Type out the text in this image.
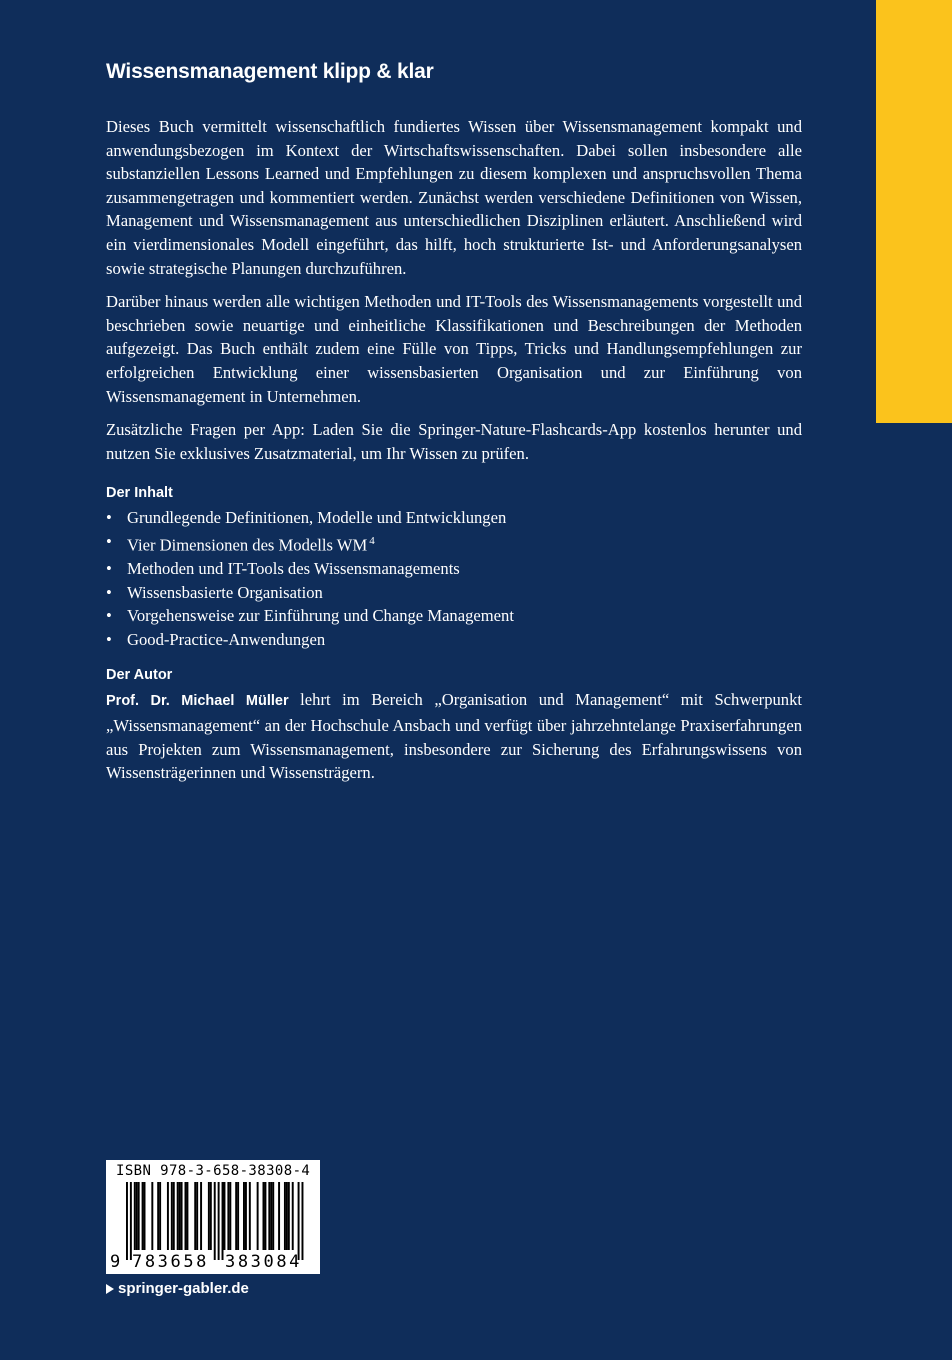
Wissensmanagement klipp & klar

Dieses Buch vermittelt wissenschaftlich fundiertes Wissen über Wissensmanagement kompakt und anwendungsbezogen im Kontext der Wirtschaftswissenschaften. Dabei sollen insbesondere alle substanziellen Lessons Learned und Empfehlungen zu diesem komplexen und anspruchsvollen Thema zusammengetragen und kommentiert werden. Zunächst werden verschiedene Definitionen von Wissen, Management und Wissensmanagement aus unterschiedlichen Disziplinen erläutert. Anschließend wird ein vierdimensionales Modell eingeführt, das hilft, hoch strukturierte Ist- und Anforderungsanalysen sowie strategische Planungen durchzuführen.

Darüber hinaus werden alle wichtigen Methoden und IT-Tools des Wissensmanagements vorgestellt und beschrieben sowie neuartige und einheitliche Klassifikationen und Beschreibungen der Methoden aufgezeigt. Das Buch enthält zudem eine Fülle von Tipps, Tricks und Handlungsempfehlungen zur erfolgreichen Entwicklung einer wissensbasierten Organisation und zur Einführung von Wissensmanagement in Unternehmen.

Zusätzliche Fragen per App: Laden Sie die Springer-Nature-Flashcards-App kostenlos herunter und nutzen Sie exklusives Zusatzmaterial, um Ihr Wissen zu prüfen.

Der Inhalt
• Grundlegende Definitionen, Modelle und Entwicklungen
• Vier Dimensionen des Modells WM $^4$
• Methoden und IT-Tools des Wissensmanagements
• Wissensbasierte Organisation
• Vorgehensweise zur Einführung und Change Management
• Good-Practice-Anwendungen
Der Autor

Prof. Dr. Michael Müller lehrt im Bereich „Organisation und Management“ mit Schwerpunkt „Wissensmanagement“ an der Hochschule Ansbach und verfügt über jahrzehntelange Praxiserfahrungen aus Projekten zum Wissensmanagement, insbesondere zur Sicherung des Erfahrungswissens von Wissensträgerinnen und Wissensträgern.

ISBN 978-3-658-38308-4
9 783658 383084
springer-gabler.de
